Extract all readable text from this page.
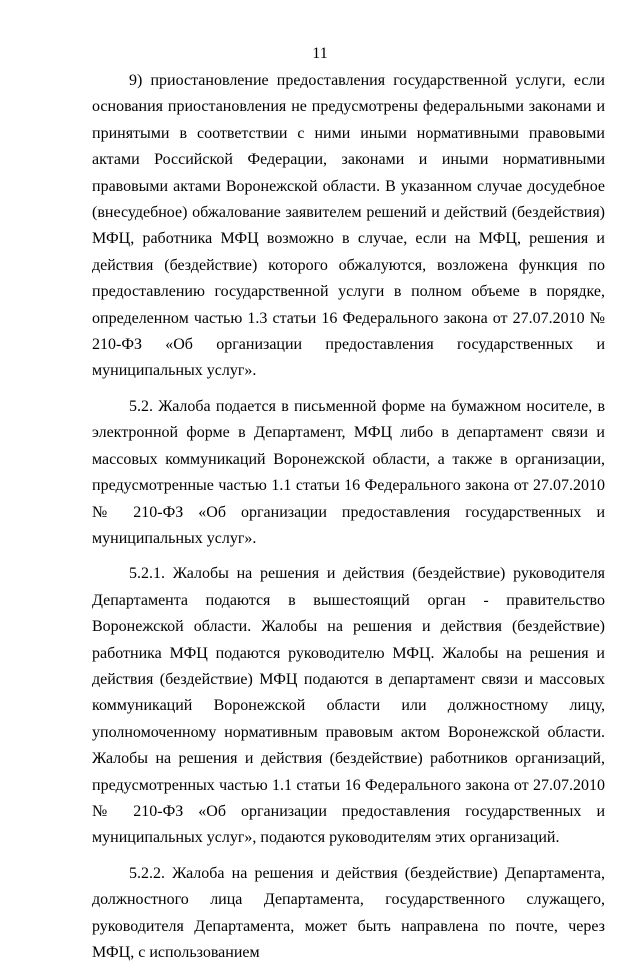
11

9) приостановление предоставления государственной услуги, если основания приостановления не предусмотрены федеральными законами и принятыми в соответствии с ними иными нормативными правовыми актами Российской Федерации, законами и иными нормативными правовыми актами Воронежской области. В указанном случае досудебное (внесудебное) обжалование заявителем решений и действий (бездействия) МФЦ, работника МФЦ возможно в случае, если на МФЦ, решения и действия (бездействие) которого обжалуются, возложена функция по предоставлению государственной услуги в полном объеме в порядке, определенном частью 1.3 статьи 16 Федерального закона от 27.07.2010 № 210-ФЗ «Об организации предоставления государственных и муниципальных услуг».

5.2. Жалоба подается в письменной форме на бумажном носителе, в электронной форме в Департамент, МФЦ либо в департамент связи и массовых коммуникаций Воронежской области, а также в организации, предусмотренные частью 1.1 статьи 16 Федерального закона от 27.07.2010 № 210-ФЗ «Об организации предоставления государственных и муниципальных услуг».

5.2.1. Жалобы на решения и действия (бездействие) руководителя Департамента подаются в вышестоящий орган - правительство Воронежской области. Жалобы на решения и действия (бездействие) работника МФЦ подаются руководителю МФЦ. Жалобы на решения и действия (бездействие) МФЦ подаются в департамент связи и массовых коммуникаций Воронежской области или должностному лицу, уполномоченному нормативным правовым актом Воронежской области. Жалобы на решения и действия (бездействие) работников организаций, предусмотренных частью 1.1 статьи 16 Федерального закона от 27.07.2010 № 210-ФЗ «Об организации предоставления государственных и муниципальных услуг», подаются руководителям этих организаций.

5.2.2. Жалоба на решения и действия (бездействие) Департамента, должностного лица Департамента, государственного служащего, руководителя Департамента, может быть направлена по почте, через МФЦ, с использованием
